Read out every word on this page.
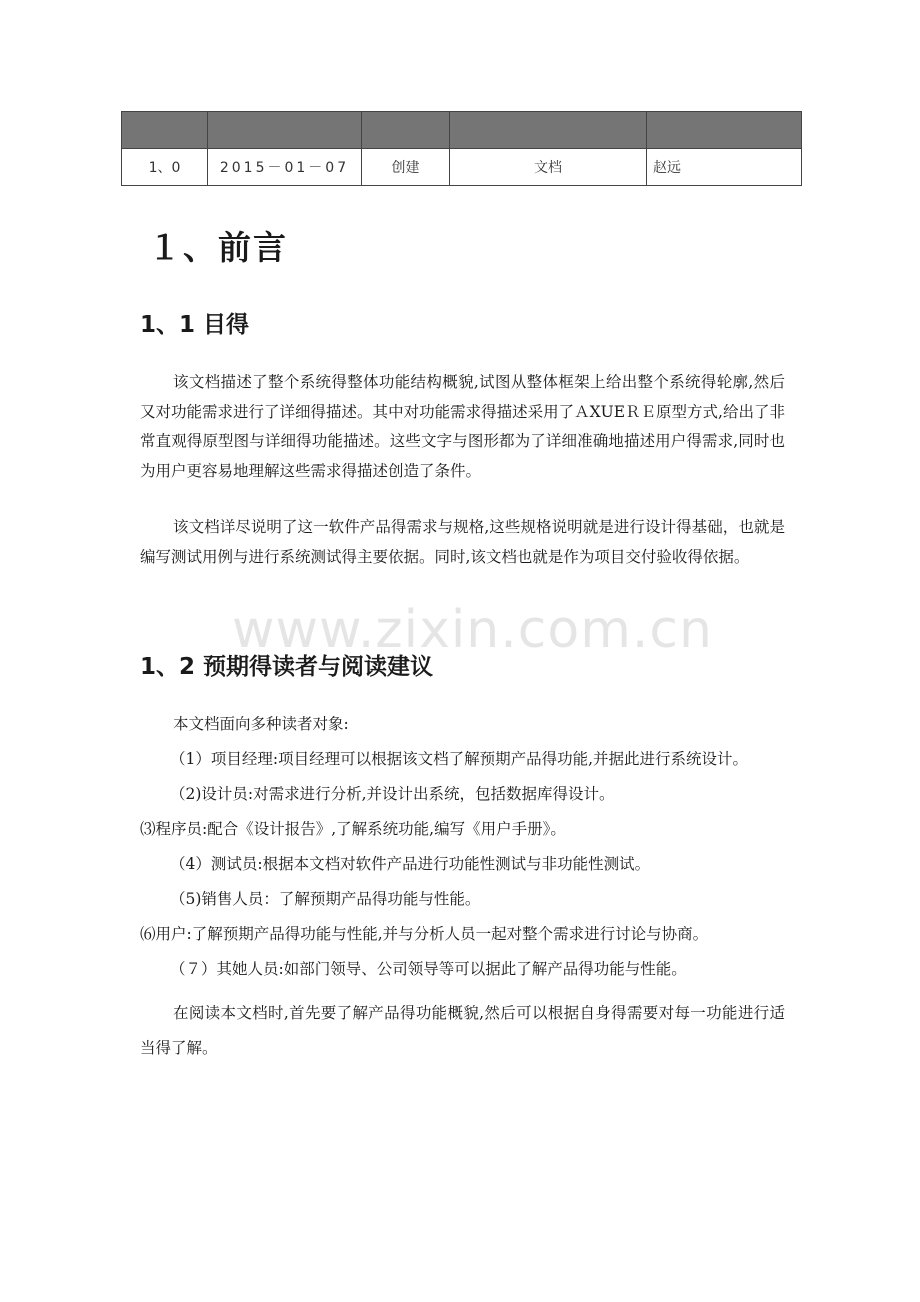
1、0	2015－01－07	创建	文档	赵远
１、前言
1、1 目得

该文档描述了整个系统得整体功能结构概貌,试图从整体框架上给出整个系统得轮廓,然后又对功能需求进行了详细得描述。其中对功能需求得描述采用了ＡXUEＲＥ原型方式,给出了非常直观得原型图与详细得功能描述。这些文字与图形都为了详细准确地描述用户得需求,同时也为用户更容易地理解这些需求得描述创造了条件。

该文档详尽说明了这一软件产品得需求与规格,这些规格说明就是进行设计得基础，也就是编写测试用例与进行系统测试得主要依据。同时,该文档也就是作为项目交付验收得依据。

www.zixin.com.cn
1、2 预期得读者与阅读建议
本文档面向多种读者对象:
（1）项目经理:项目经理可以根据该文档了解预期产品得功能,并据此进行系统设计。
（2)设计员:对需求进行分析,并设计出系统，包括数据库得设计。
⑶程序员:配合《设计报告》,了解系统功能,编写《用户手册》。
（4）测试员:根据本文档对软件产品进行功能性测试与非功能性测试。
（5)销售人员：了解预期产品得功能与性能。
⑹用户:了解预期产品得功能与性能,并与分析人员一起对整个需求进行讨论与协商。
（７）其她人员:如部门领导、公司领导等可以据此了解产品得功能与性能。

在阅读本文档时,首先要了解产品得功能概貌,然后可以根据自身得需要对每一功能进行适当得了解。
